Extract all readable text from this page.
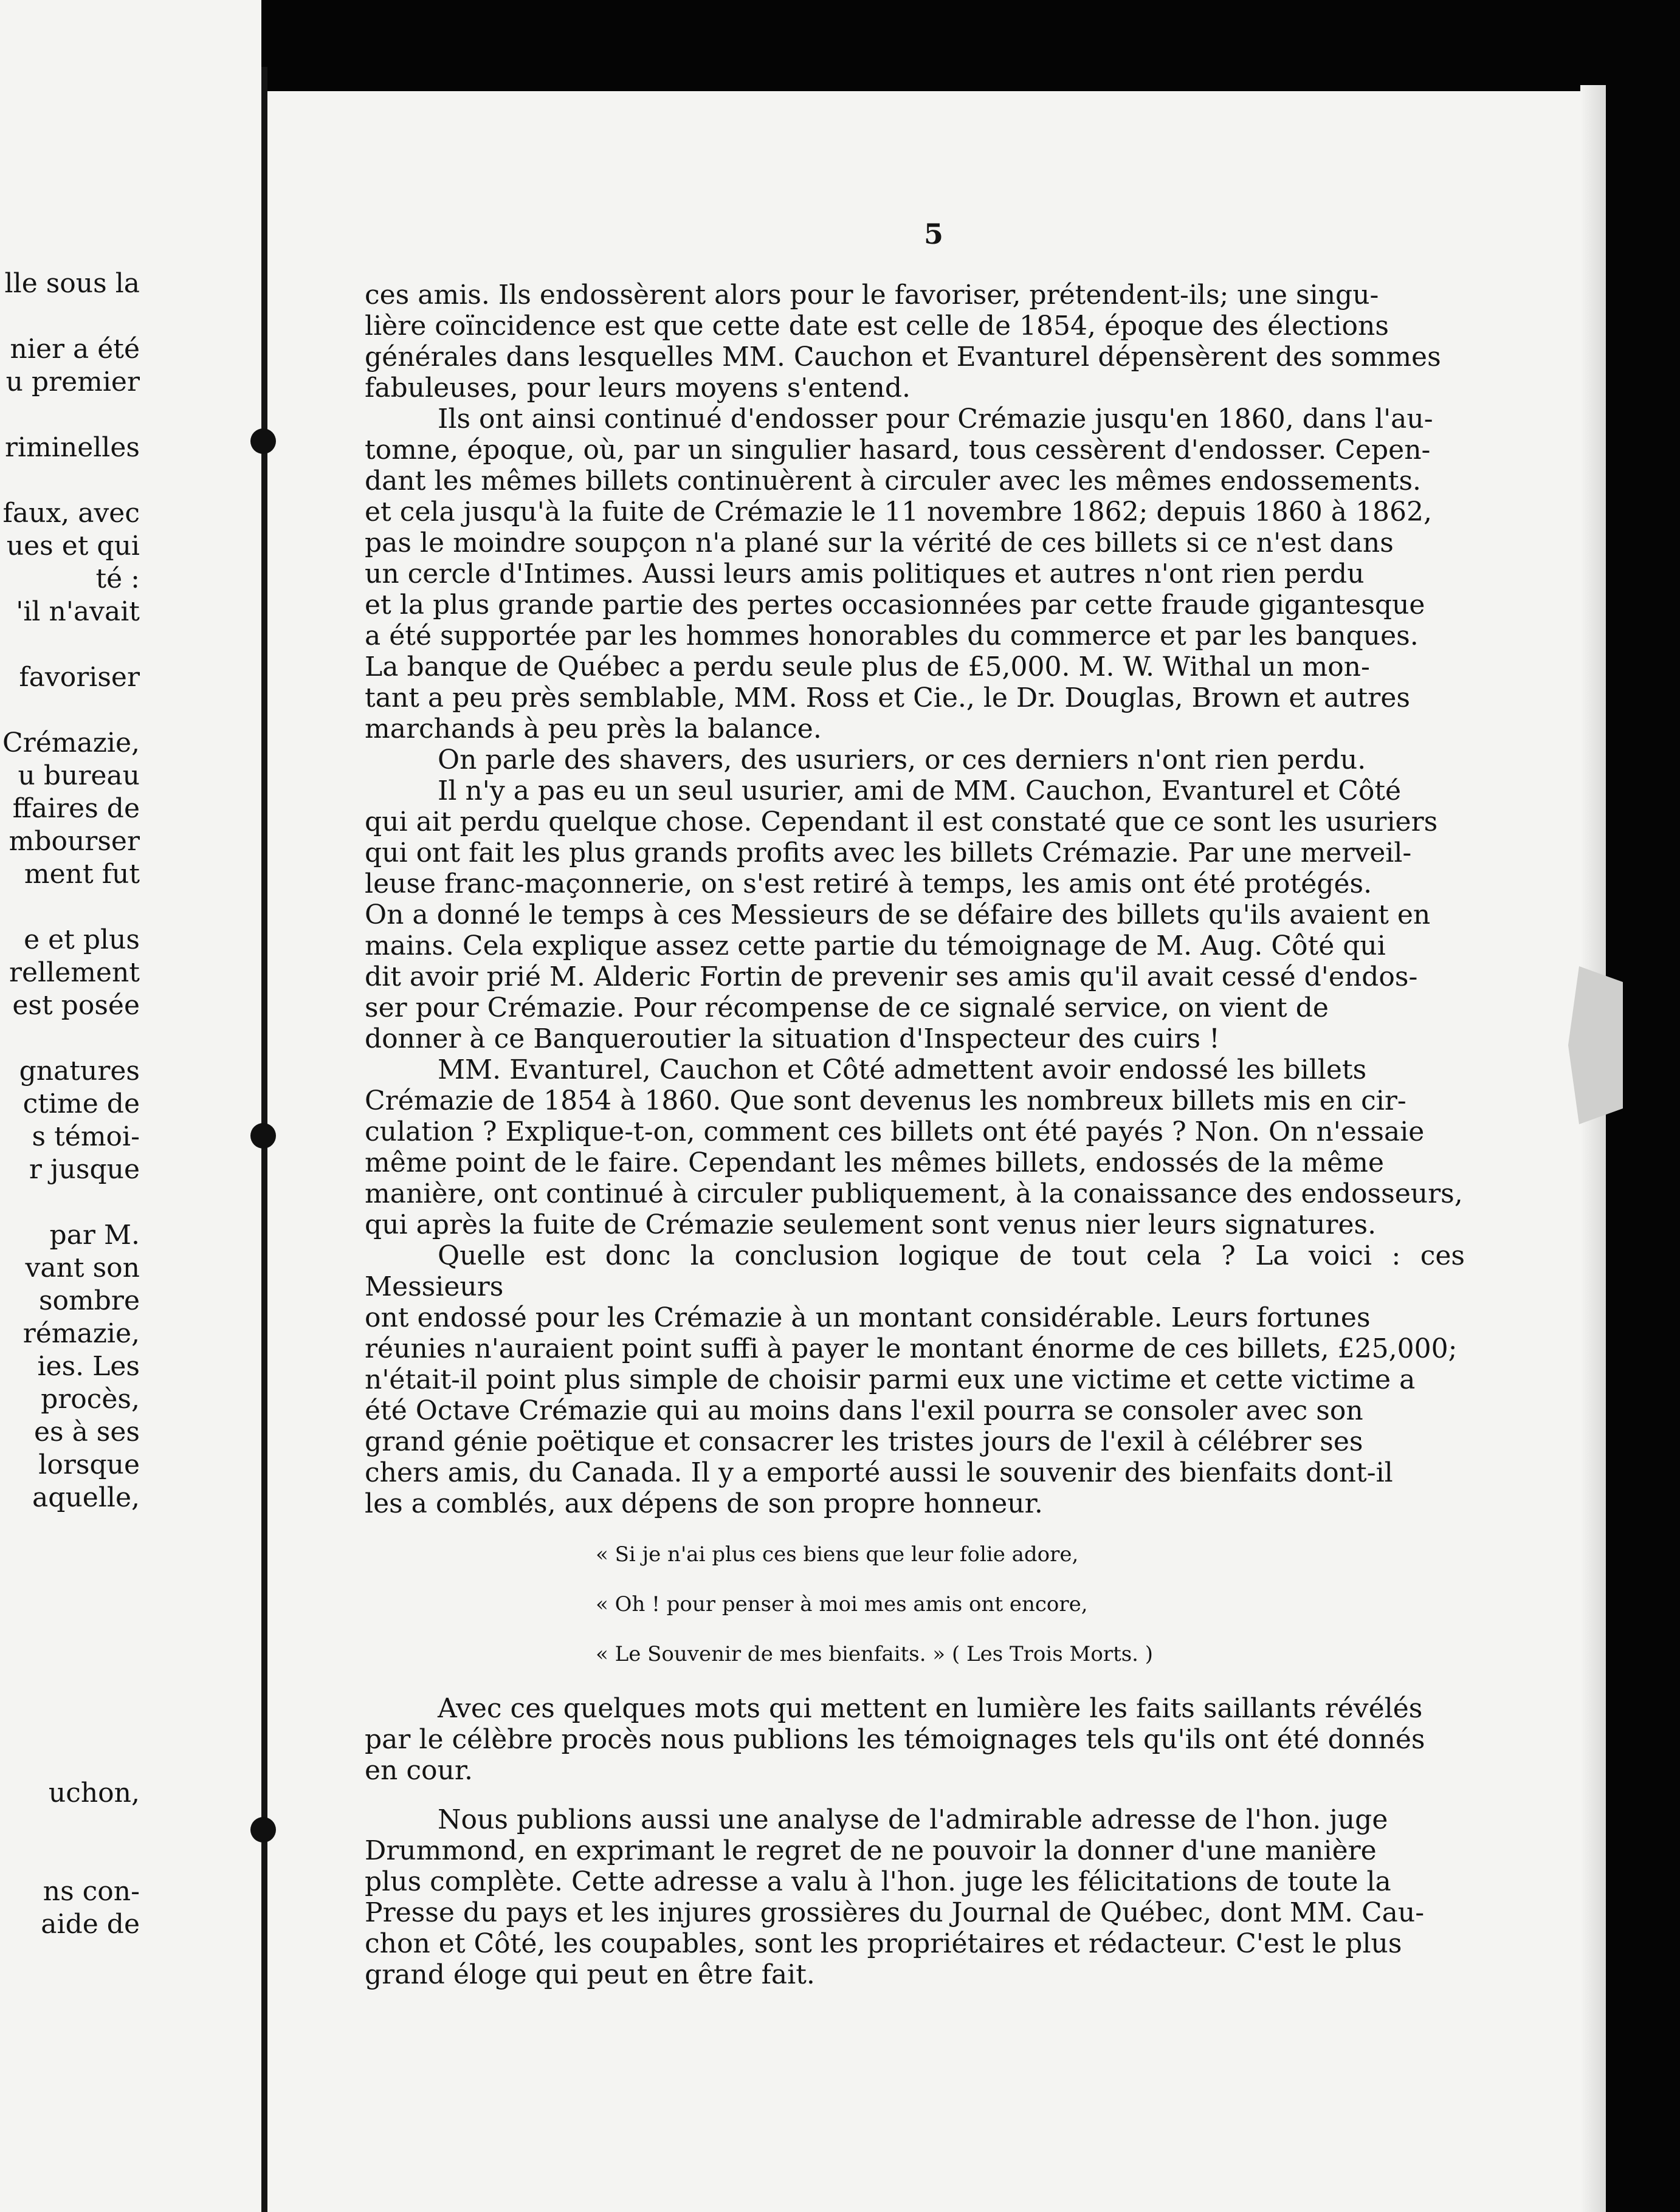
lle sous la
nier a été
u premier
riminelles
faux, avec
ues et qui
té :
'il n'avait
favoriser
Crémazie,
u bureau
ffaires de
mbourser
ment fut
e et plus
rellement
est posée
gnatures
ctime de
s témoi-
r jusque
par M.
vant son
sombre
rémazie,
ies. Les
procès,
es à ses
lorsque
aquelle,
uchon,
ns con-
aide de
5

ces amis. Ils endossèrent alors pour le favoriser, prétendent-ils; une singu-

lière coïncidence est que cette date est celle de 1854, époque des élections

générales dans lesquelles MM. Cauchon et Evanturel dépensèrent des sommes

fabuleuses, pour leurs moyens s'entend.

Ils ont ainsi continué d'endosser pour Crémazie jusqu'en 1860, dans l'au-

tomne, époque, où, par un singulier hasard, tous cessèrent d'endosser. Cepen-

dant les mêmes billets continuèrent à circuler avec les mêmes endossements.

et cela jusqu'à la fuite de Crémazie le 11 novembre 1862; depuis 1860 à 1862,

pas le moindre soupçon n'a plané sur la vérité de ces billets si ce n'est dans

un cercle d'Intimes. Aussi leurs amis politiques et autres n'ont rien perdu

et la plus grande partie des pertes occasionnées par cette fraude gigantesque

a été supportée par les hommes honorables du commerce et par les banques.

La banque de Québec a perdu seule plus de £5,000. M. W. Withal un mon-

tant a peu près semblable, MM. Ross et Cie., le Dr. Douglas, Brown et autres

marchands à peu près la balance.

On parle des shavers, des usuriers, or ces derniers n'ont rien perdu.

Il n'y a pas eu un seul usurier, ami de MM. Cauchon, Evanturel et Côté

qui ait perdu quelque chose. Cependant il est constaté que ce sont les usuriers

qui ont fait les plus grands profits avec les billets Crémazie. Par une merveil-

leuse franc-maçonnerie, on s'est retiré à temps, les amis ont été protégés.

On a donné le temps à ces Messieurs de se défaire des billets qu'ils avaient en

mains. Cela explique assez cette partie du témoignage de M. Aug. Côté qui

dit avoir prié M. Alderic Fortin de prevenir ses amis qu'il avait cessé d'endos-

ser pour Crémazie. Pour récompense de ce signalé service, on vient de

donner à ce Banqueroutier la situation d'Inspecteur des cuirs !

MM. Evanturel, Cauchon et Côté admettent avoir endossé les billets

Crémazie de 1854 à 1860. Que sont devenus les nombreux billets mis en cir-

culation ? Explique-t-on, comment ces billets ont été payés ? Non. On n'essaie

même point de le faire. Cependant les mêmes billets, endossés de la même

manière, ont continué à circuler publiquement, à la conaissance des endosseurs,

qui après la fuite de Crémazie seulement sont venus nier leurs signatures.

Quelle est donc la conclusion logique de tout cela ? La voici : ces Messieurs

ont endossé pour les Crémazie à un montant considérable. Leurs fortunes

réunies n'auraient point suffi à payer le montant énorme de ces billets, £25,000;

n'était-il point plus simple de choisir parmi eux une victime et cette victime a

été Octave Crémazie qui au moins dans l'exil pourra se consoler avec son

grand génie poëtique et consacrer les tristes jours de l'exil à célébrer ses

chers amis, du Canada. Il y a emporté aussi le souvenir des bienfaits dont-il

les a comblés, aux dépens de son propre honneur.

« Si je n'ai plus ces biens que leur folie adore,

« Oh ! pour penser à moi mes amis ont encore,

« Le Souvenir de mes bienfaits. » ( Les Trois Morts. )

Avec ces quelques mots qui mettent en lumière les faits saillants révélés

par le célèbre procès nous publions les témoignages tels qu'ils ont été donnés

en cour.

Nous publions aussi une analyse de l'admirable adresse de l'hon. juge

Drummond, en exprimant le regret de ne pouvoir la donner d'une manière

plus complète. Cette adresse a valu à l'hon. juge les félicitations de toute la

Presse du pays et les injures grossières du Journal de Québec, dont MM. Cau-

chon et Côté, les coupables, sont les propriétaires et rédacteur. C'est le plus

grand éloge qui peut en être fait.
